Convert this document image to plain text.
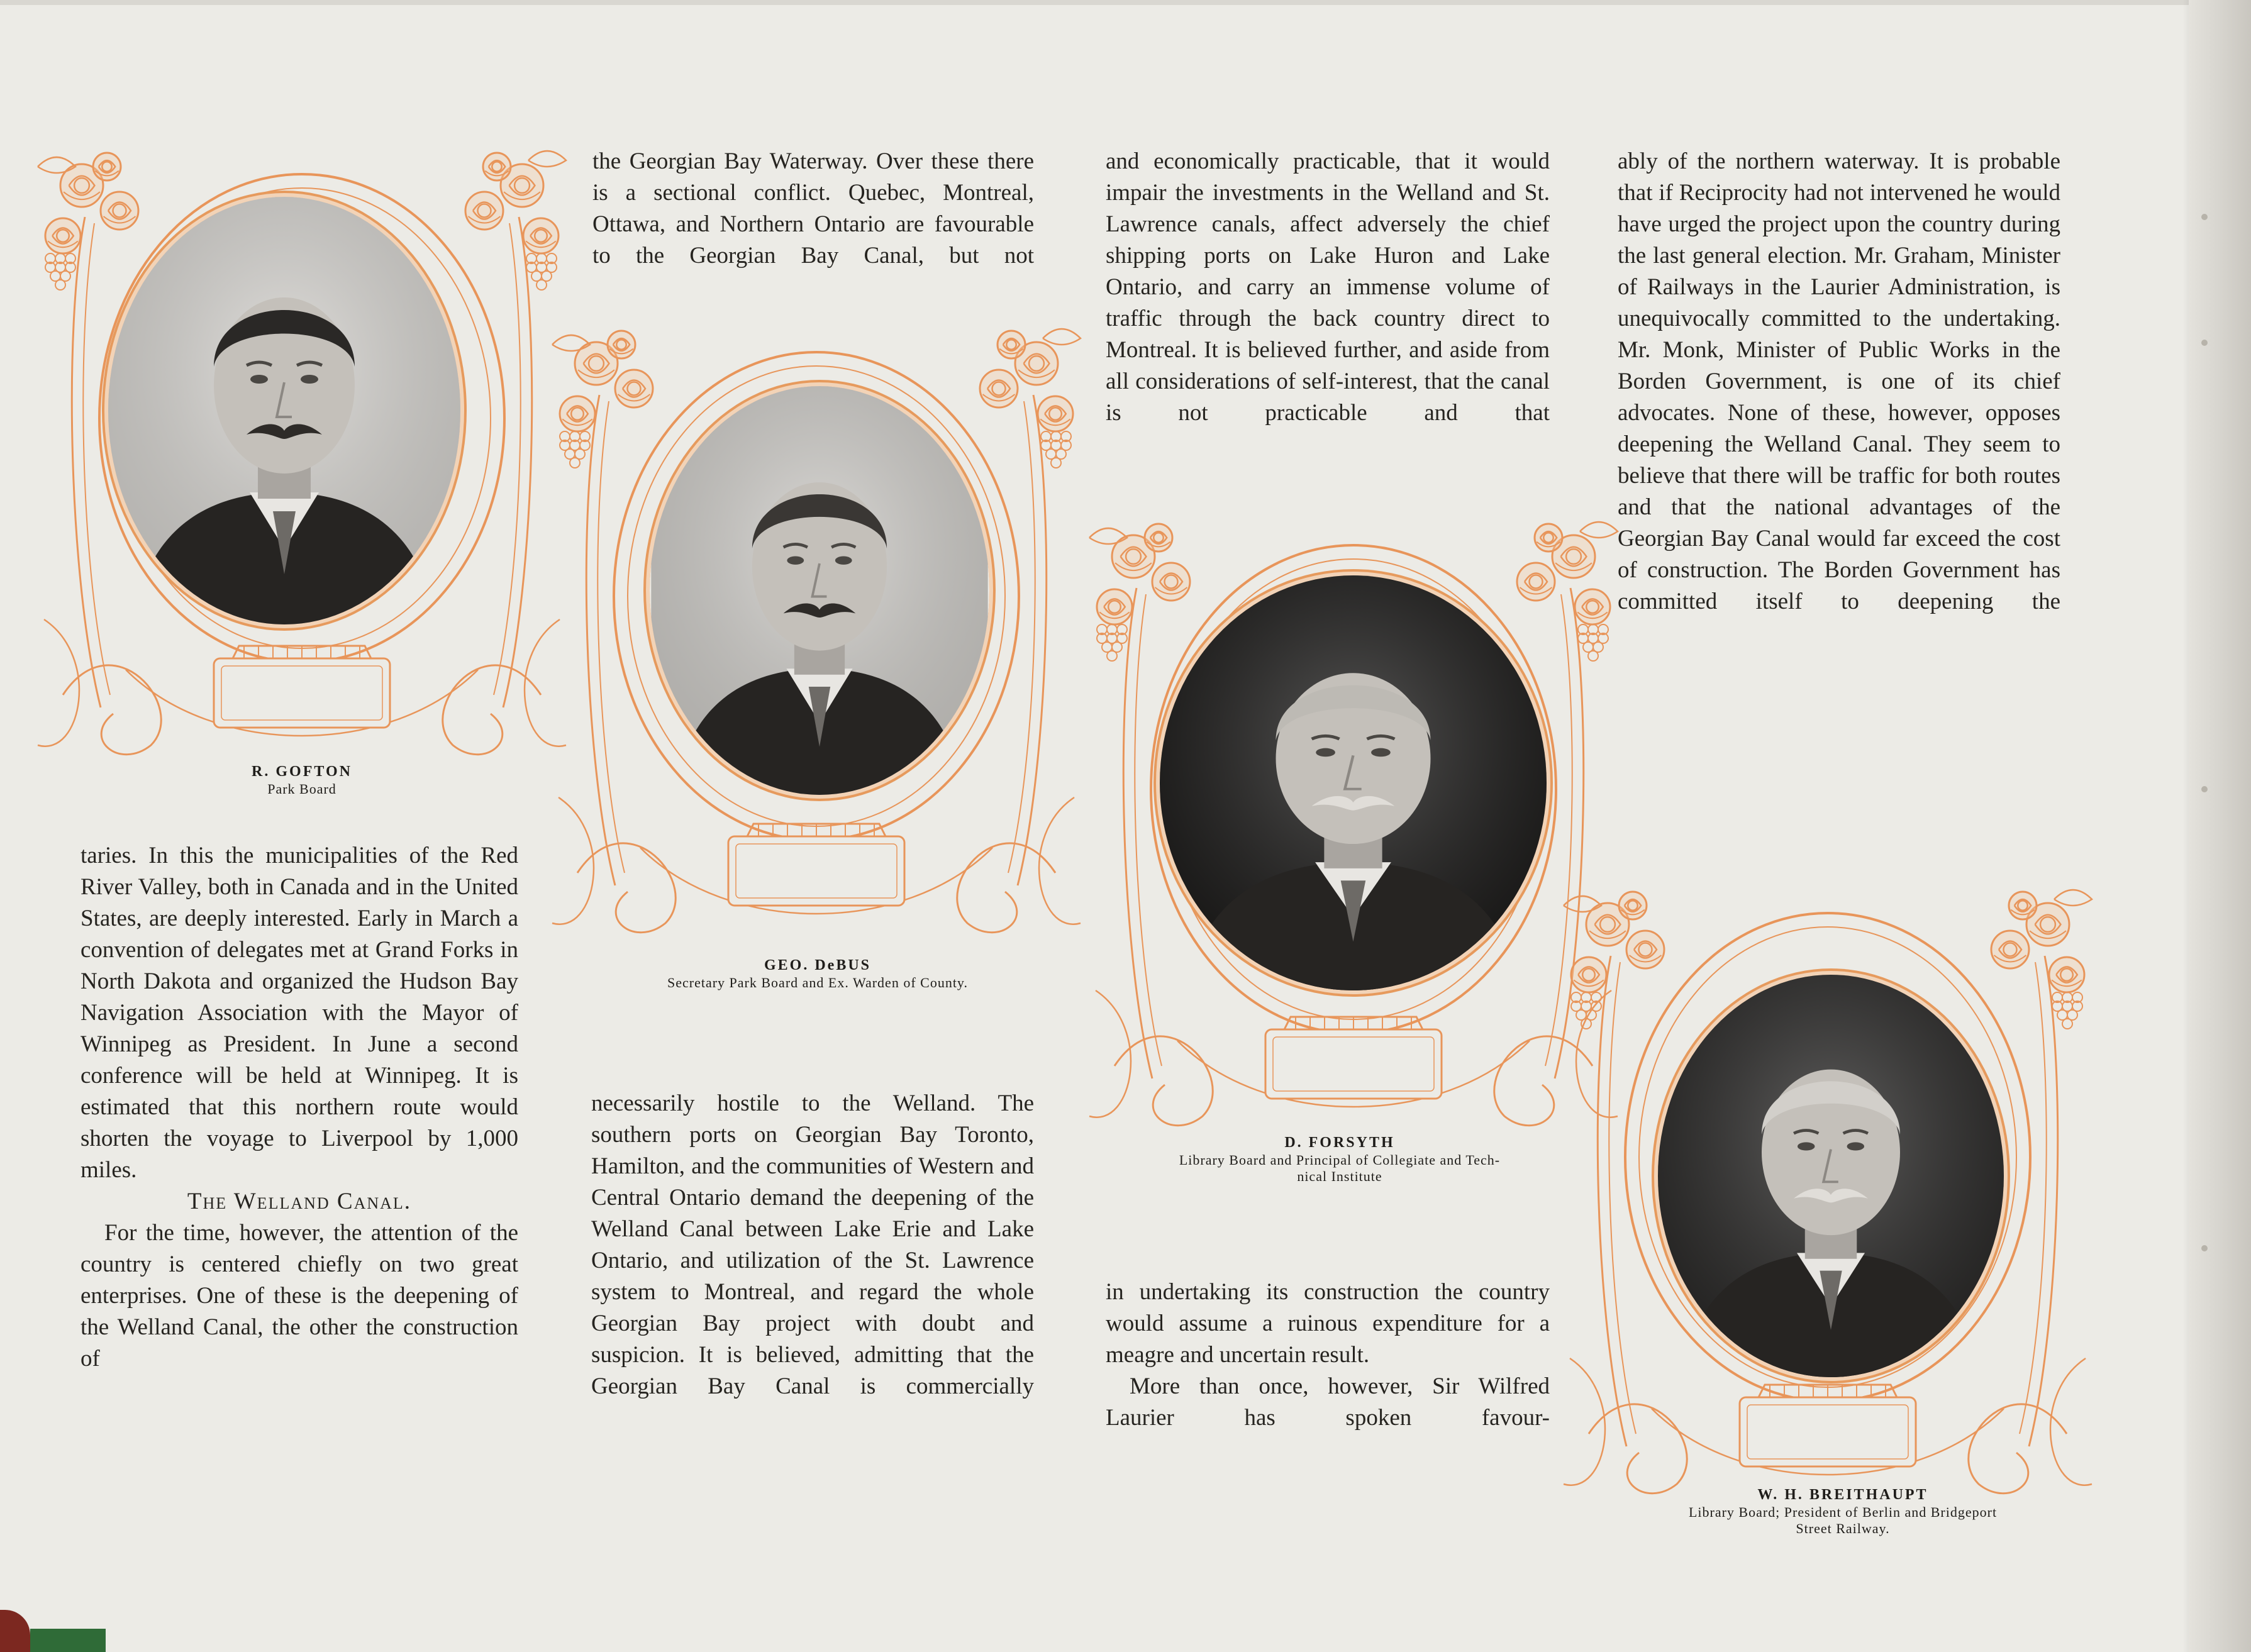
taries. In this the municipalities of the Red River Valley, both in Canada and in the United States, are deeply interested. Early in March a convention of delegates met at Grand Forks in North Dakota and organized the Hudson Bay Navigation Association with the Mayor of Winnipeg as President. In June a second conference will be held at Winnipeg. It is estimated that this northern route would shorten the voyage to Liverpool by 1,000 miles.

The Welland Canal.

For the time, however, the attention of the country is centered chiefly on two great enterprises. One of these is the deepening of the Welland Canal, the other the construction of

the Georgian Bay Waterway. Over these there is a sectional conflict. Quebec, Montreal, Ottawa, and Northern Ontario are favourable to the Georgian Bay Canal, but not

necessarily hostile to the Welland. The southern ports on Georgian Bay Toronto, Hamilton, and the communities of Western and Central Ontario demand the deepening of the Welland Canal between Lake Erie and Lake Ontario, and utilization of the St. Lawrence system to Montreal, and regard the whole Georgian Bay project with doubt and suspicion. It is believed, admitting that the Georgian Bay Canal is commercially

and economically practicable, that it would impair the investments in the Welland and St. Lawrence canals, affect adversely the chief shipping ports on Lake Huron and Lake Ontario, and carry an immense volume of traffic through the back country direct to Montreal. It is believed further, and aside from all considerations of self-interest, that the canal is not practicable and that

in undertaking its construction the country would assume a ruinous expenditure for a meagre and uncertain result.

More than once, however, Sir Wilfred Laurier has spoken favour-

ably of the northern waterway. It is probable that if Reciprocity had not intervened he would have urged the project upon the country during the last general election. Mr. Graham, Minister of Railways in the Laurier Administration, is unequivocally committed to the undertaking. Mr. Monk, Minister of Public Works in the Borden Government, is one of its chief advocates. None of these, however, opposes deepening the Welland Canal. They seem to believe that there will be traffic for both routes and that the national advantages of the Georgian Bay Canal would far exceed the cost of construction. The Borden Government has committed itself to deepening the

R. GOFTON
Park Board
GEO. DeBUS
Secretary Park Board and Ex. Warden of County.
D. FORSYTH
Library Board and Principal of Collegiate and Tech-
nical Institute
W. H. BREITHAUPT
Library Board; President of Berlin and Bridgeport
Street Railway.
